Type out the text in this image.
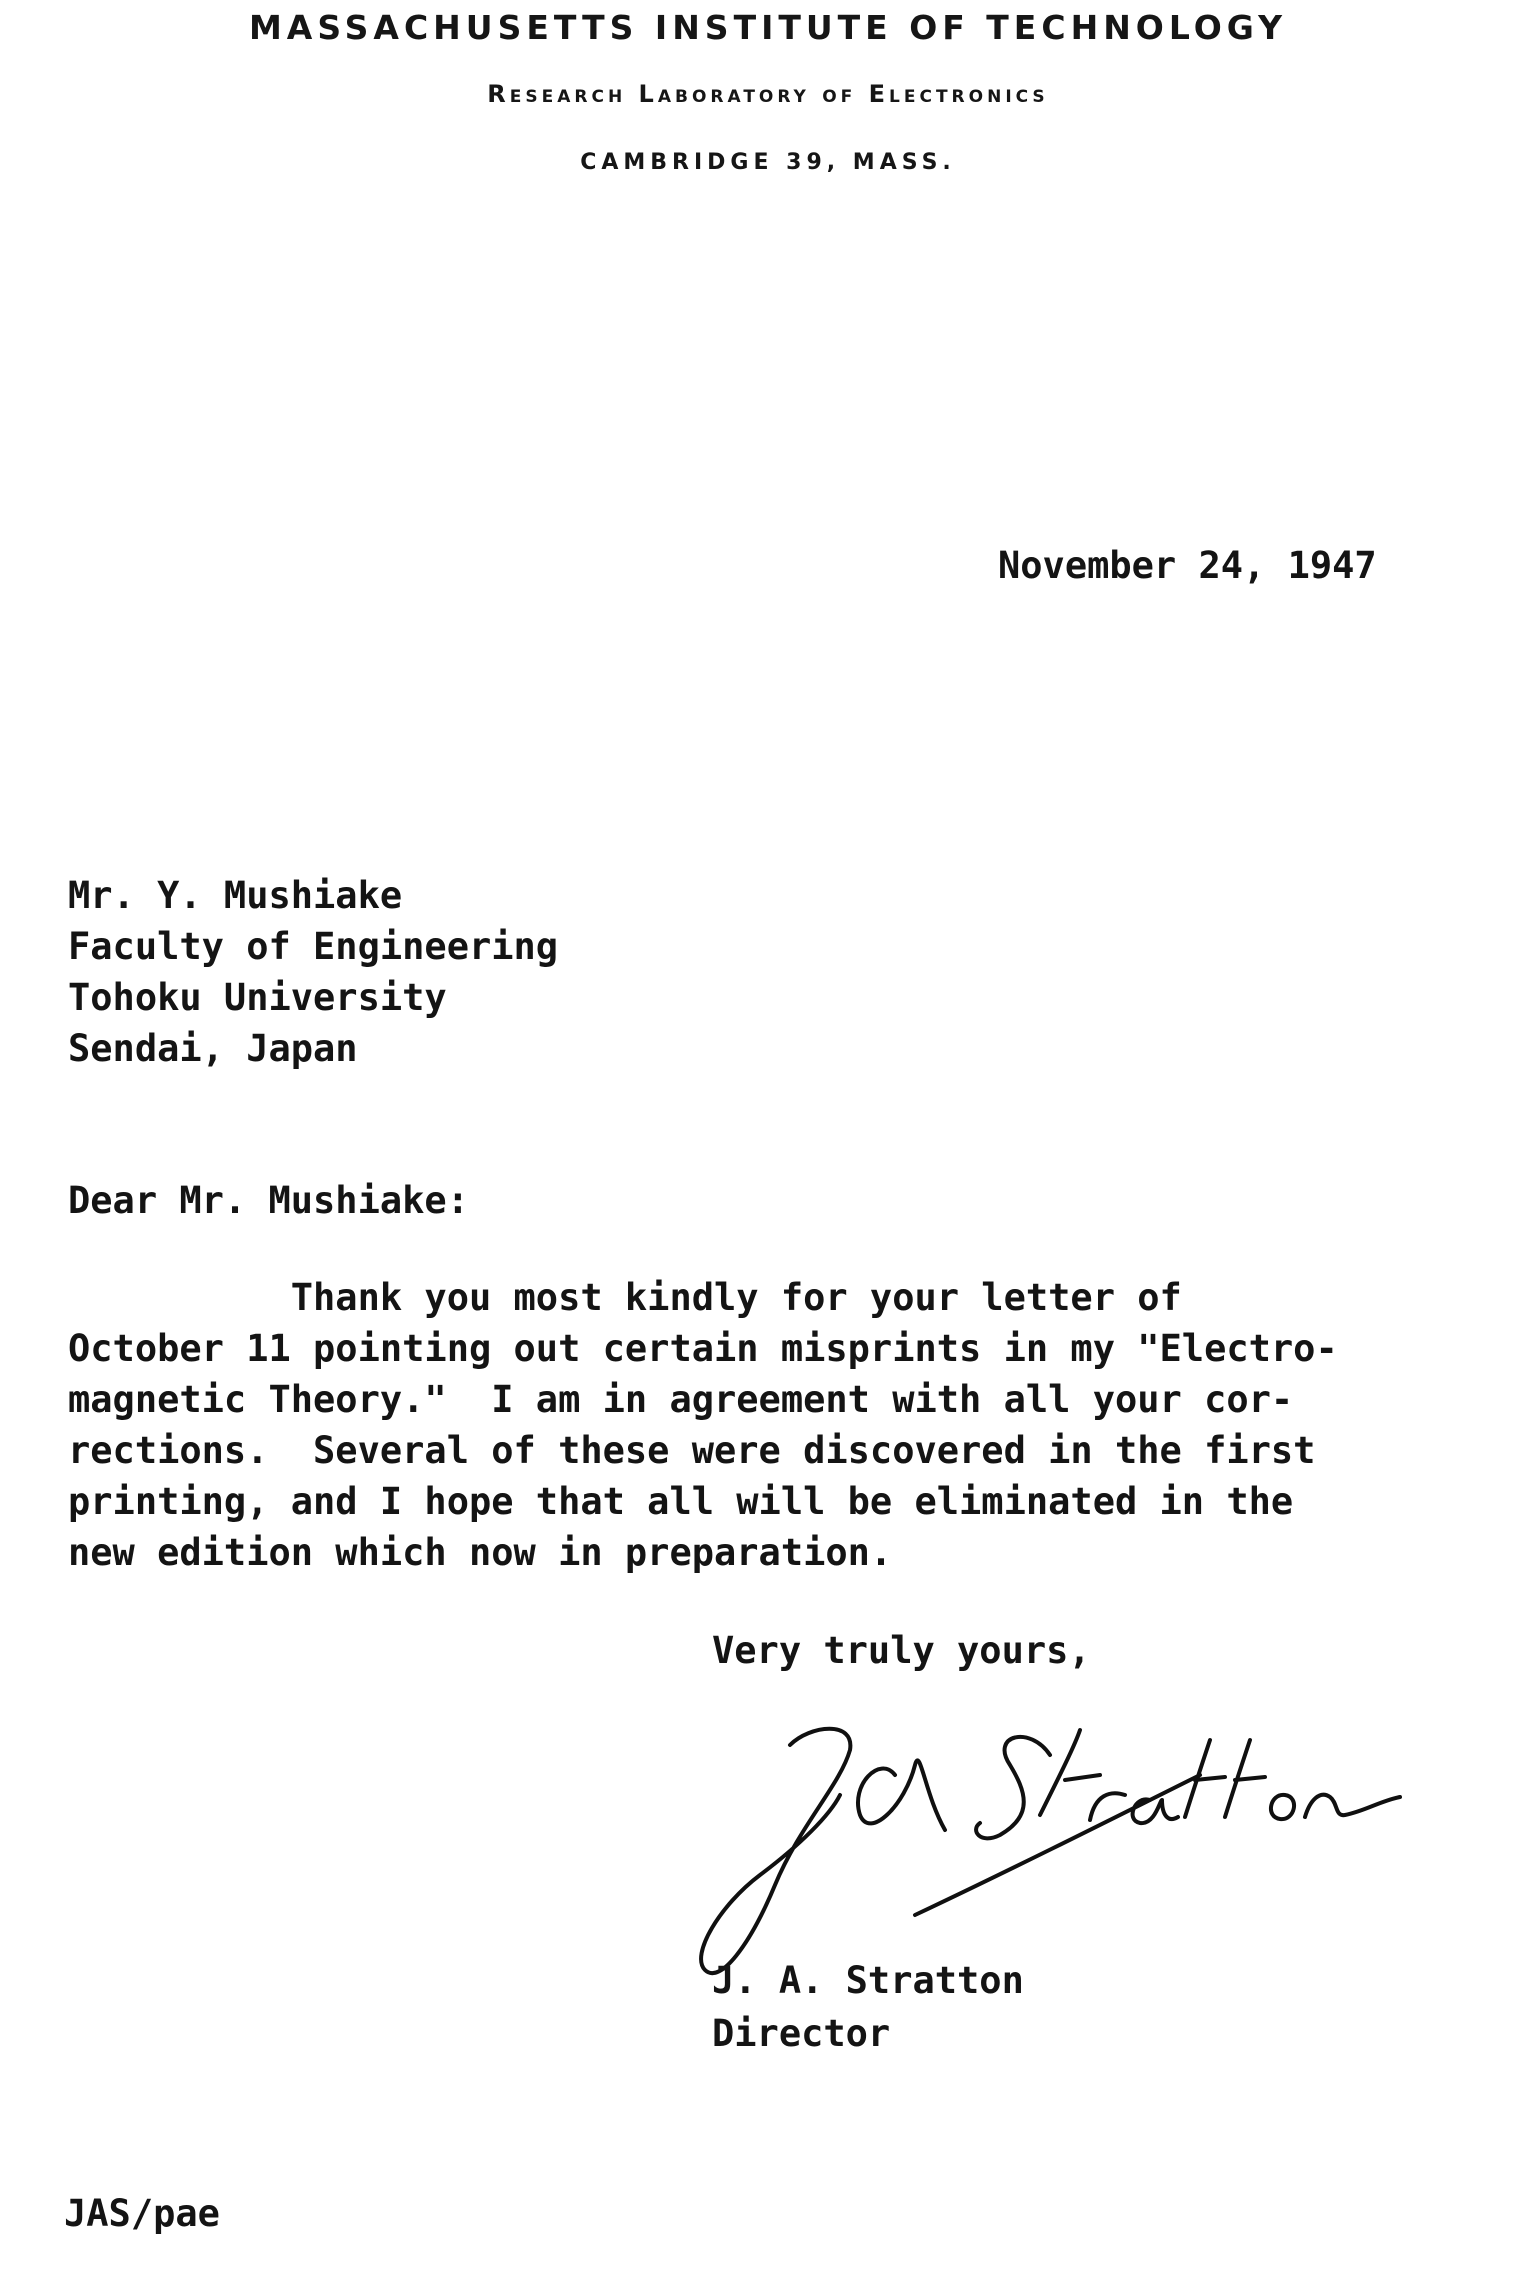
MASSACHUSETTS INSTITUTE OF TECHNOLOGY
Research Laboratory of Electronics
CAMBRIDGE 39, MASS.
November 24, 1947
Mr. Y. Mushiake
Faculty of Engineering
Tohoku University
Sendai, Japan
Dear Mr. Mushiake:
Thank you most kindly for your letter of
October 11 pointing out certain misprints in my "Electro-
magnetic Theory."  I am in agreement with all your cor-
rections.  Several of these were discovered in the first
printing, and I hope that all will be eliminated in the
new edition which now in preparation.
Very truly yours,
J. A. Stratton
Director
JAS/pae
